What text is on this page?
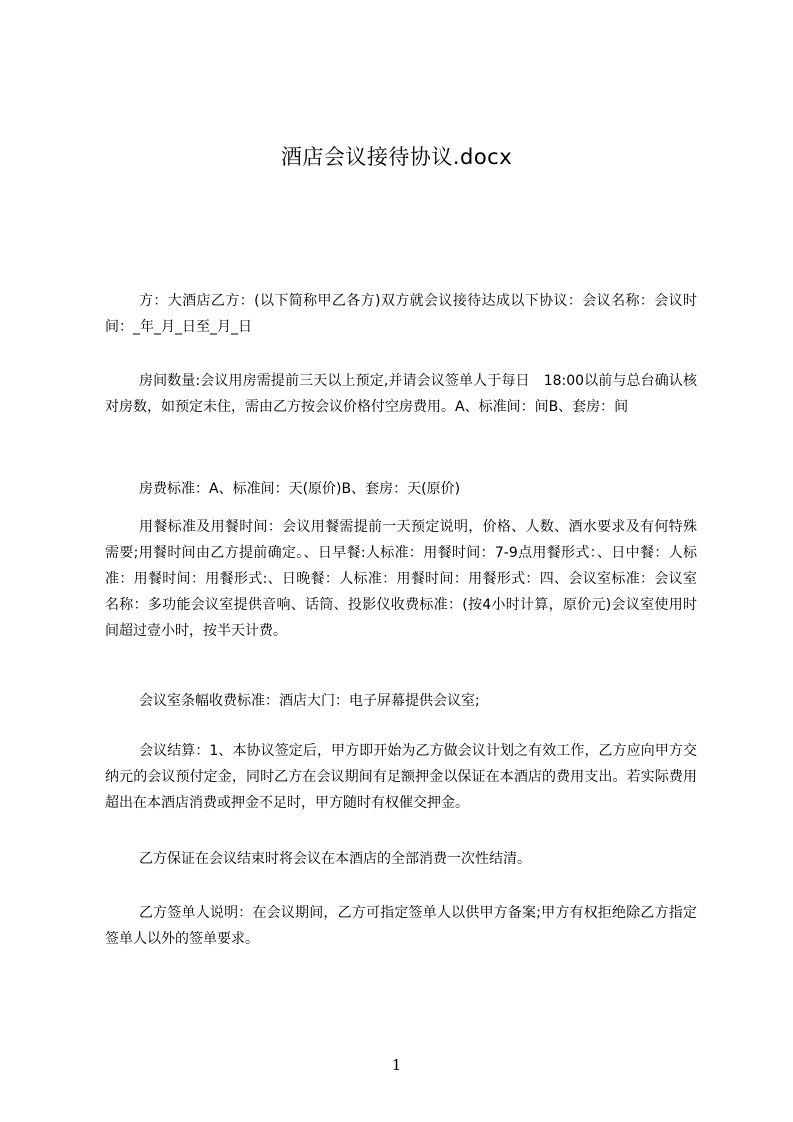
酒店会议接待协议.docx

方：大酒店乙方：(以下简称甲乙各方)双方就会议接待达成以下协议：会议名称：会议时间：_年_月_日至_月_日

房间数量:会议用房需提前三天以上预定,并请会议签单人于每日　18:00以前与总台确认核对房数，如预定未住，需由乙方按会议价格付空房费用。A、标准间：间B、套房：间

房费标准：A、标准间：天(原价)B、套房：天(原价)

用餐标准及用餐时间：会议用餐需提前一天预定说明，价格、人数、酒水要求及有何特殊需要;用餐时间由乙方提前确定。、日早餐:人标准：用餐时间：7-9点用餐形式：、日中餐：人标准：用餐时间：用餐形式:、日晚餐：人标准：用餐时间：用餐形式：四、会议室标准：会议室名称：多功能会议室提供音响、话筒、投影仪收费标准：(按4小时计算，原价元)会议室使用时间超过壹小时，按半天计费。

会议室条幅收费标准：酒店大门：电子屏幕提供会议室;

会议结算：1、本协议签定后，甲方即开始为乙方做会议计划之有效工作，乙方应向甲方交纳元的会议预付定金，同时乙方在会议期间有足额押金以保证在本酒店的费用支出。若实际费用超出在本酒店消费或押金不足时，甲方随时有权催交押金。

乙方保证在会议结束时将会议在本酒店的全部消费一次性结清。

乙方签单人说明：在会议期间，乙方可指定签单人以供甲方备案;甲方有权拒绝除乙方指定签单人以外的签单要求。

1
